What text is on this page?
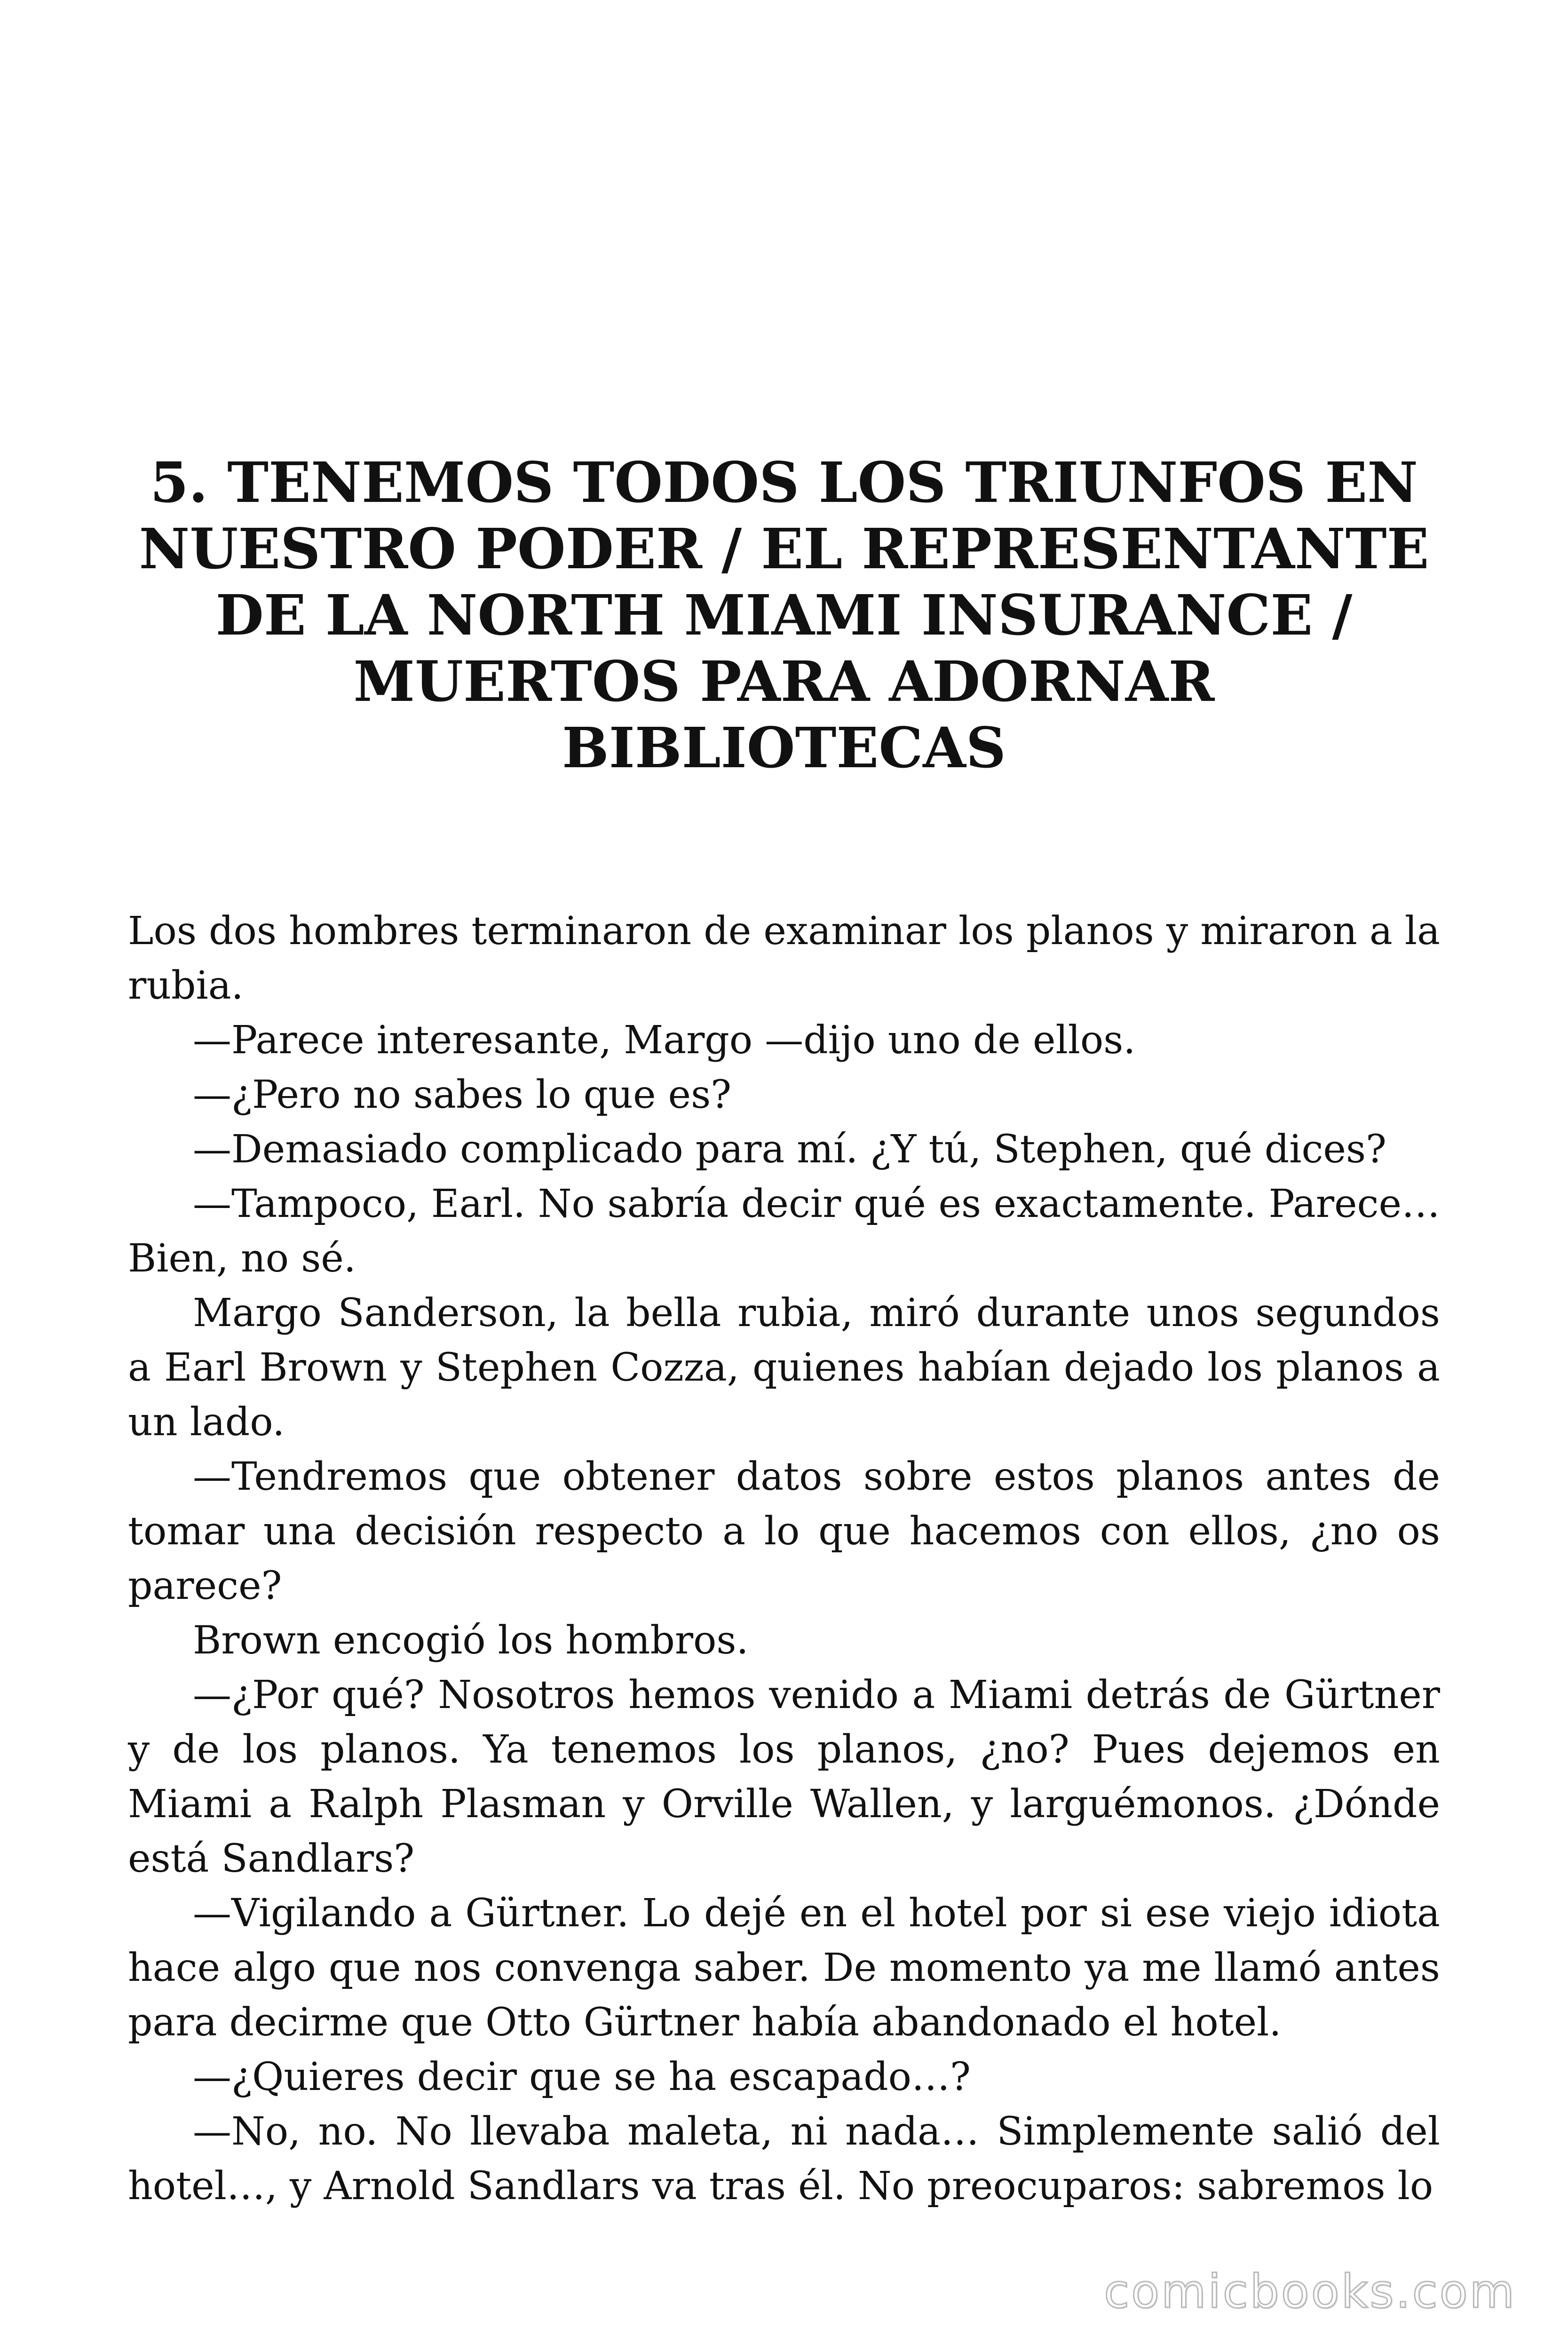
5. TENEMOS TODOS LOS TRIUNFOS EN
NUESTRO PODER / EL REPRESENTANTE
DE LA NORTH MIAMI INSURANCE /
MUERTOS PARA ADORNAR
BIBLIOTECAS

Los dos hombres terminaron de examinar los planos y miraron a la rubia.

—Parece interesante, Margo —dijo uno de ellos.

—¿Pero no sabes lo que es?

—Demasiado complicado para mí. ¿Y tú, Stephen, qué dices?

—Tampoco, Earl. No sabría decir qué es exactamente. Parece… Bien, no sé.

Margo Sanderson, la bella rubia, miró durante unos segundos a Earl Brown y Stephen Cozza, quienes habían dejado los planos a un lado.

—Tendremos que obtener datos sobre estos planos antes de tomar una decisión respecto a lo que hacemos con ellos, ¿no os parece?

Brown encogió los hombros.

—¿Por qué? Nosotros hemos venido a Miami detrás de Gürtner y de los planos. Ya tenemos los planos, ¿no? Pues dejemos en Miami a Ralph Plasman y Orville Wallen, y larguémonos. ¿Dónde está Sandlars?

—Vigilando a Gürtner. Lo dejé en el hotel por si ese viejo idiota hace algo que nos convenga saber. De momento ya me llamó antes para decirme que Otto Gürtner había abandonado el hotel.

—¿Quieres decir que se ha escapado…?

—No, no. No llevaba maleta, ni nada… Simplemente salió del hotel…, y Arnold Sandlars va tras él. No preocuparos: sabremos lo

comicbooks.com
